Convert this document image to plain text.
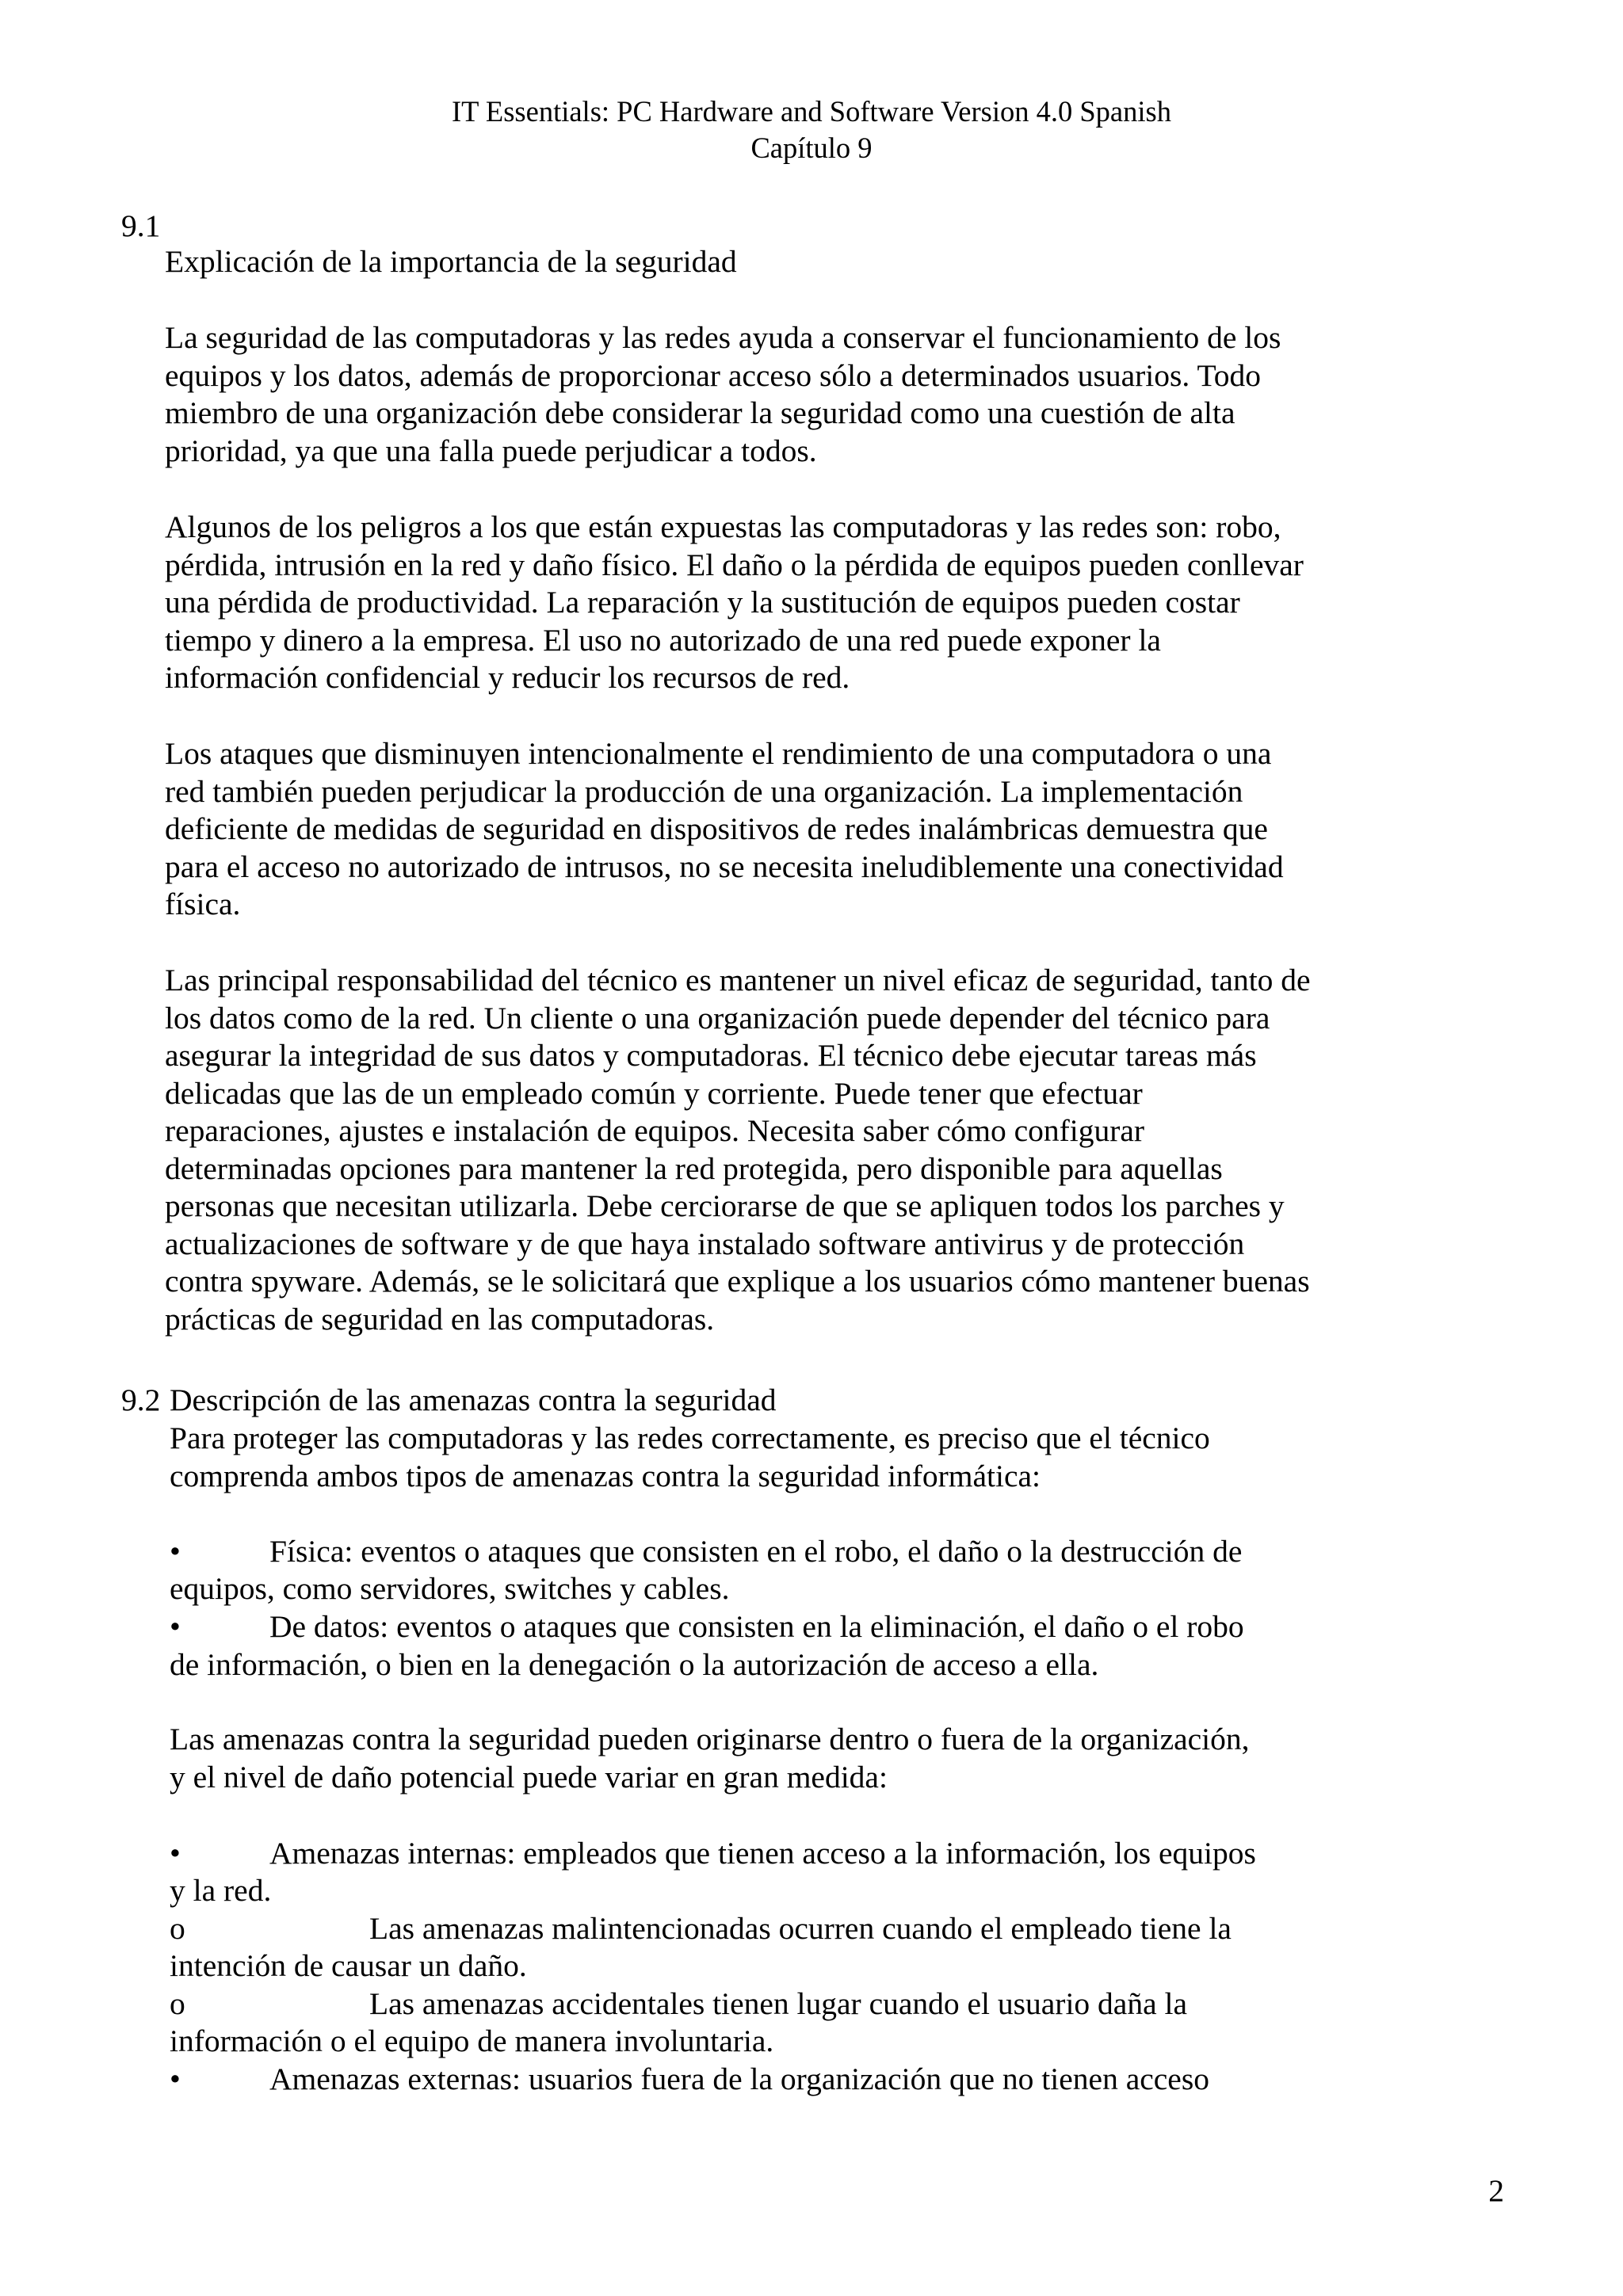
IT Essentials: PC Hardware and Software Version 4.0 Spanish
Capítulo 9
9.1
Explicación de la importancia de la seguridad
La seguridad de las computadoras y las redes ayuda a conservar el funcionamiento de los
equipos y los datos, además de proporcionar acceso sólo a determinados usuarios. Todo
miembro de una organización debe considerar la seguridad como una cuestión de alta
prioridad, ya que una falla puede perjudicar a todos.
Algunos de los peligros a los que están expuestas las computadoras y las redes son: robo,
pérdida, intrusión en la red y daño físico. El daño o la pérdida de equipos pueden conllevar
una pérdida de productividad. La reparación y la sustitución de equipos pueden costar
tiempo y dinero a la empresa. El uso no autorizado de una red puede exponer la
información confidencial y reducir los recursos de red.
Los ataques que disminuyen intencionalmente el rendimiento de una computadora o una
red también pueden perjudicar la producción de una organización. La implementación
deficiente de medidas de seguridad en dispositivos de redes inalámbricas demuestra que
para el acceso no autorizado de intrusos, no se necesita ineludiblemente una conectividad
física.
Las principal responsabilidad del técnico es mantener un nivel eficaz de seguridad, tanto de
los datos como de la red. Un cliente o una organización puede depender del técnico para
asegurar la integridad de sus datos y computadoras. El técnico debe ejecutar tareas más
delicadas que las de un empleado común y corriente. Puede tener que efectuar
reparaciones, ajustes e instalación de equipos. Necesita saber cómo configurar
determinadas opciones para mantener la red protegida, pero disponible para aquellas
personas que necesitan utilizarla. Debe cerciorarse de que se apliquen todos los parches y
actualizaciones de software y de que haya instalado software antivirus y de protección
contra spyware. Además, se le solicitará que explique a los usuarios cómo mantener buenas
prácticas de seguridad en las computadoras.
9.2 Descripción de las amenazas contra la seguridad
Para proteger las computadoras y las redes correctamente, es preciso que el técnico
comprenda ambos tipos de amenazas contra la seguridad informática:
•	Física: eventos o ataques que consisten en el robo, el daño o la destrucción de
equipos, como servidores, switches y cables.
•	De datos: eventos o ataques que consisten en la eliminación, el daño o el robo
de información, o bien en la denegación o la autorización de acceso a ella.
Las amenazas contra la seguridad pueden originarse dentro o fuera de la organización,
y el nivel de daño potencial puede variar en gran medida:
•	Amenazas internas: empleados que tienen acceso a la información, los equipos
y la red.
o	Las amenazas malintencionadas ocurren cuando el empleado tiene la
intención de causar un daño.
o	Las amenazas accidentales tienen lugar cuando el usuario daña la
información o el equipo de manera involuntaria.
•	Amenazas externas: usuarios fuera de la organización que no tienen acceso
2
